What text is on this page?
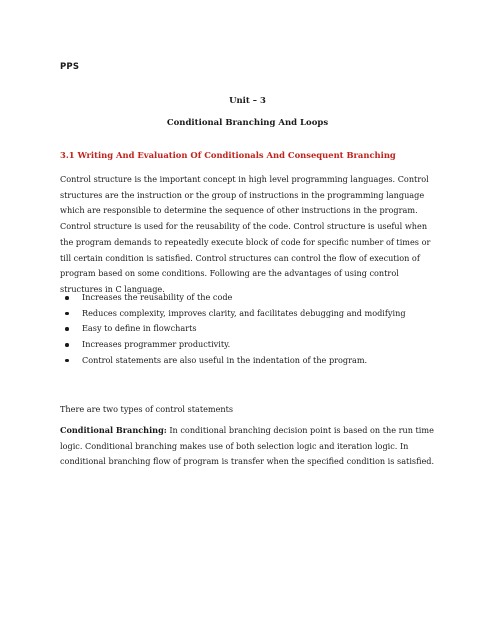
PPS
Unit – 3
Conditional Branching And Loops
3.1 Writing And Evaluation Of Conditionals And Consequent Branching

Control structure is the important concept in high level programming languages. Control structures are the instruction or the group of instructions in the programming language which are responsible to determine the sequence of other instructions in the program. Control structure is used for the reusability of the code. Control structure is useful when the program demands to repeatedly execute block of code for specific number of times or till certain condition is satisfied. Control structures can control the flow of execution of program based on some conditions. Following are the advantages of using control structures in C language.

Increases the reusability of the code
Reduces complexity, improves clarity, and facilitates debugging and modifying
Easy to define in flowcharts
Increases programmer productivity.
Control statements are also useful in the indentation of the program.

There are two types of control statements

Conditional Branching: In conditional branching decision point is based on the run time logic. Conditional branching makes use of both selection logic and iteration logic. In conditional branching flow of program is transfer when the specified condition is satisfied.
